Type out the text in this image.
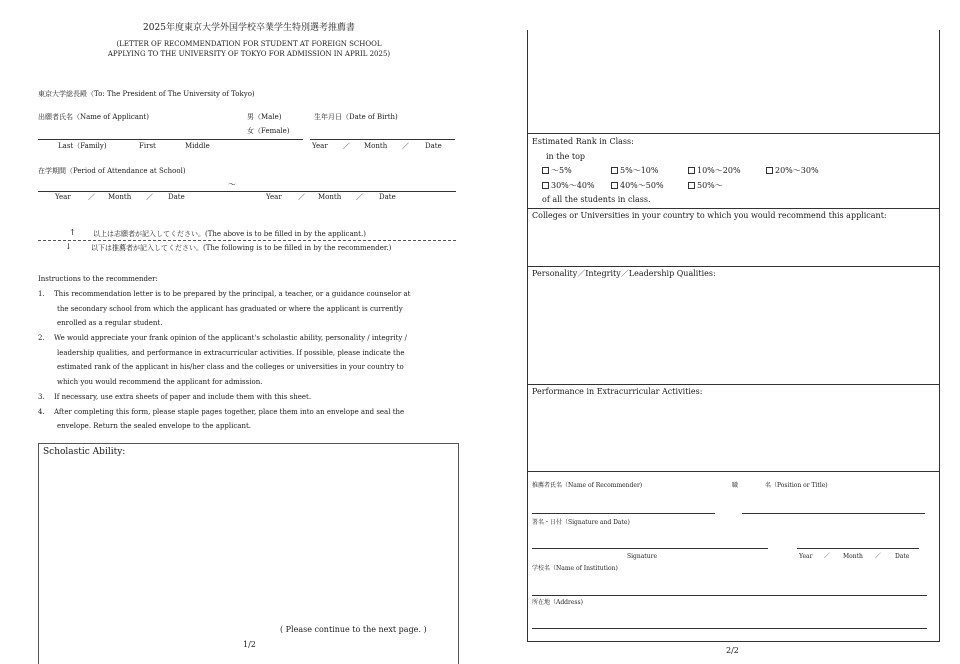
2025年度東京大学外国学校卒業学生特別選考推薦書
(LETTER OF RECOMMENDATION FOR STUDENT AT FOREIGN SCHOOL
APPLYING TO THE UNIVERSITY OF TOKYO FOR ADMISSION IN APRIL 2025)
東京大学総長殿（To: The President of The University of Tokyo)
出願者氏名（Name of Applicant)	男（Male)
女（Female)
生年月日（Date of Birth)
Last（Family)	First	Middle	Year ／ Month ／ Date
在学期間（Period of Attendance at School)
～
Year ／ Month ／ Date	Year ／ Month ／ Date
↑ 以上は志願者が記入してください。(The above is to be filled in by the applicant.)
↓	以下は推薦者が記入してください。(The following is to be filled in by the recommender.)
Instructions to the recommender:
1. This recommendation letter is to be prepared by the principal, a teacher, or a guidance counselor at
the secondary school from which the applicant has graduated or where the applicant is currently
enrolled as a regular student.
2. We would appreciate your frank opinion of the applicant's scholastic ability, personality / integrity /
leadership qualities, and performance in extracurricular activities. If possible, please indicate the
estimated rank of the applicant in his/her class and the colleges or universities in your country to
which you would recommend the applicant for admission.
3. If necessary, use extra sheets of paper and include them with this sheet.
4. After completing this form, please staple pages together, place them into an envelope and seal the
envelope. Return the sealed envelope to the applicant.
Scholastic Ability:
( Please continue to the next page. )
1/2
Estimated Rank in Class:
in the top
～5%	5%～10%	10%～20%	20%～30%
30%～40%	40%～50%	50%～
of all the students in class.
Colleges or Universities in your country to which you would recommend this applicant:
Personality／Integrity／Leadership Qualities:
Performance in Extracurricular Activities:
推薦者氏名（Name of Recommender)	職	名（Position or Title)
署名・日付（Signature and Date)
Signature	Year ／ Month ／ Date
学校名（Name of Institution)
所在地（Address)
2/2
